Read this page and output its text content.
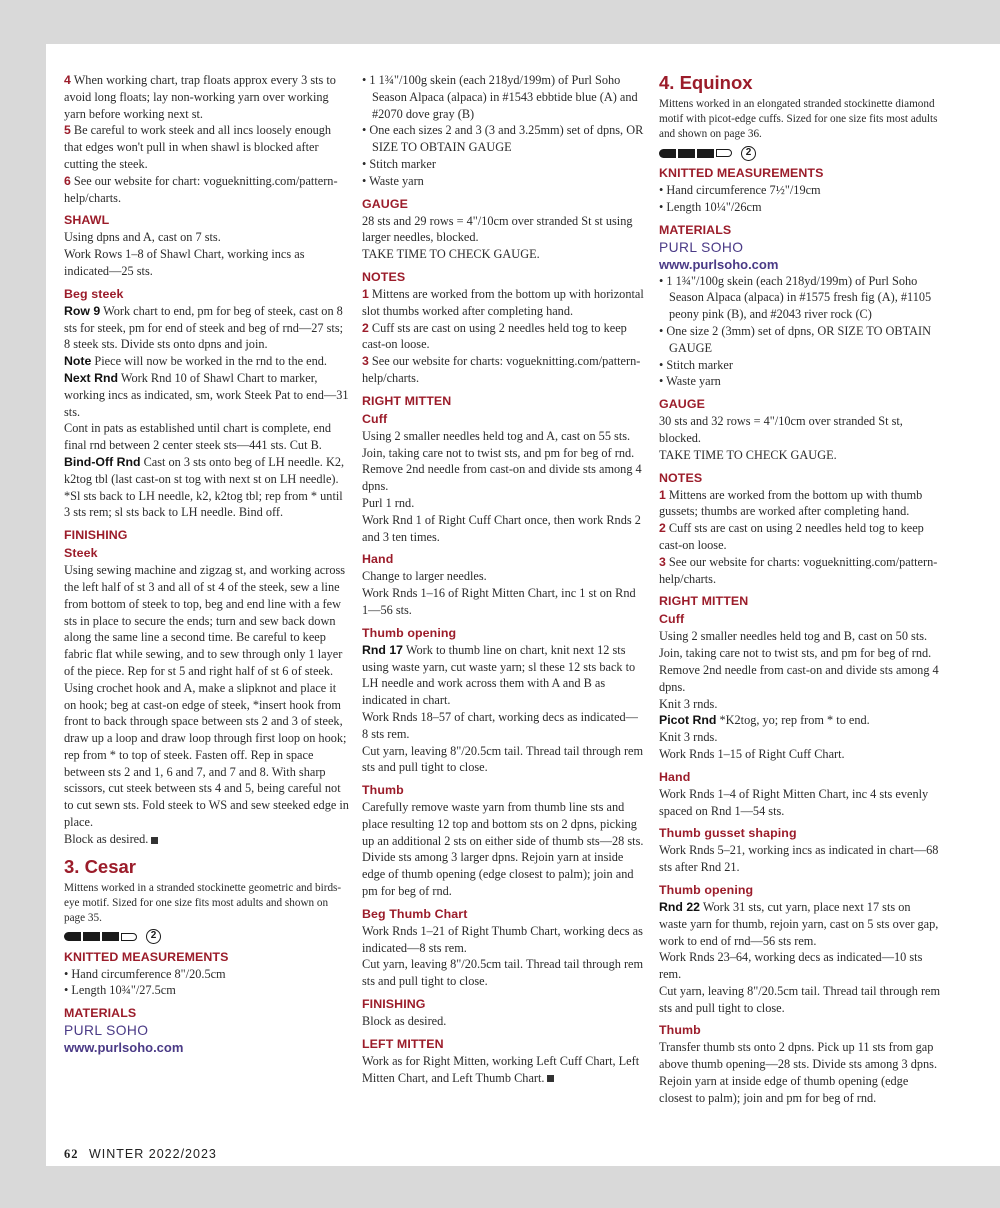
4 When working chart, trap floats approx every 3 sts to avoid long floats; lay non-working yarn over working yarn before working next st.

5 Be careful to work steek and all incs loosely enough that edges won't pull in when shawl is blocked after cutting the steek.

6 See our website for chart: vogueknitting.com/pattern-help/charts.

SHAWL

Using dpns and A, cast on 7 sts.

Work Rows 1–8 of Shawl Chart, working incs as indicated—25 sts.

Beg steek

Row 9 Work chart to end, pm for beg of steek, cast on 8 sts for steek, pm for end of steek and beg of rnd—27 sts; 8 steek sts. Divide sts onto dpns and join.

Note Piece will now be worked in the rnd to the end.

Next Rnd Work Rnd 10 of Shawl Chart to marker, working incs as indicated, sm, work Steek Pat to end—31 sts.

Cont in pats as established until chart is complete, end final rnd between 2 center steek sts—441 sts. Cut B.

Bind-Off Rnd Cast on 3 sts onto beg of LH needle. K2, k2tog tbl (last cast-on st tog with next st on LH needle). *Sl sts back to LH needle, k2, k2tog tbl; rep from * until 3 sts rem; sl sts back to LH needle. Bind off.

FINISHING
Steek

Using sewing machine and zigzag st, and working across the left half of st 3 and all of st 4 of the steek, sew a line from bottom of steek to top, beg and end line with a few sts in place to secure the ends; turn and sew back down along the same line a second time. Be careful to keep fabric flat while sewing, and to sew through only 1 layer of the piece. Rep for st 5 and right half of st 6 of steek. Using crochet hook and A, make a slipknot and place it on hook; beg at cast-on edge of steek, *insert hook from front to back through space between sts 2 and 3 of steek, draw up a loop and draw loop through first loop on hook; rep from * to top of steek. Fasten off. Rep in space between sts 2 and 1, 6 and 7, and 7 and 8. With sharp scissors, cut steek between sts 4 and 5, being careful not to cut sewn sts. Fold steek to WS and sew steeked edge in place.

Block as desired.

3. Cesar

Mittens worked in a stranded stockinette geometric and birds-eye motif. Sized for one size fits most adults and shown on page 35.

2
KNITTED MEASUREMENTS
• Hand circumference 8"/20.5cm
• Length 10¾"/27.5cm
MATERIALS
PURL SOHO
www.purlsoho.com
• 1 1¾"/100g skein (each 218yd/199m) of Purl Soho Season Alpaca (alpaca) in #1543 ebbtide blue (A) and #2070 dove gray (B)
• One each sizes 2 and 3 (3 and 3.25mm) set of dpns, OR SIZE TO OBTAIN GAUGE
• Stitch marker
• Waste yarn
GAUGE

28 sts and 29 rows = 4"/10cm over stranded St st using larger needles, blocked.

TAKE TIME TO CHECK GAUGE.

NOTES

1 Mittens are worked from the bottom up with horizontal slot thumbs worked after completing hand.

2 Cuff sts are cast on using 2 needles held tog to keep cast-on loose.

3 See our website for charts: vogueknitting.com/pattern-help/charts.

RIGHT MITTEN
Cuff

Using 2 smaller needles held tog and A, cast on 55 sts. Join, taking care not to twist sts, and pm for beg of rnd. Remove 2nd needle from cast-on and divide sts among 4 dpns.

Purl 1 rnd.

Work Rnd 1 of Right Cuff Chart once, then work Rnds 2 and 3 ten times.

Hand

Change to larger needles.

Work Rnds 1–16 of Right Mitten Chart, inc 1 st on Rnd 1—56 sts.

Thumb opening

Rnd 17 Work to thumb line on chart, knit next 12 sts using waste yarn, cut waste yarn; sl these 12 sts back to LH needle and work across them with A and B as indicated in chart.

Work Rnds 18–57 of chart, working decs as indicated—8 sts rem.

Cut yarn, leaving 8"/20.5cm tail. Thread tail through rem sts and pull tight to close.

Thumb

Carefully remove waste yarn from thumb line sts and place resulting 12 top and bottom sts on 2 dpns, picking up an additional 2 sts on either side of thumb sts—28 sts. Divide sts among 3 larger dpns. Rejoin yarn at inside edge of thumb opening (edge closest to palm); join and pm for beg of rnd.

Beg Thumb Chart

Work Rnds 1–21 of Right Thumb Chart, working decs as indicated—8 sts rem.

Cut yarn, leaving 8"/20.5cm tail. Thread tail through rem sts and pull tight to close.

FINISHING

Block as desired.

LEFT MITTEN

Work as for Right Mitten, working Left Cuff Chart, Left Mitten Chart, and Left Thumb Chart.

4. Equinox

Mittens worked in an elongated stranded stockinette diamond motif with picot-edge cuffs. Sized for one size fits most adults and shown on page 36.

2
KNITTED MEASUREMENTS
• Hand circumference 7½"/19cm
• Length 10¼"/26cm
MATERIALS
PURL SOHO
www.purlsoho.com
• 1 1¾"/100g skein (each 218yd/199m) of Purl Soho Season Alpaca (alpaca) in #1575 fresh fig (A), #1105 peony pink (B), and #2043 river rock (C)
• One size 2 (3mm) set of dpns, OR SIZE TO OBTAIN GAUGE
• Stitch marker
• Waste yarn
GAUGE

30 sts and 32 rows = 4"/10cm over stranded St st, blocked.

TAKE TIME TO CHECK GAUGE.

NOTES

1 Mittens are worked from the bottom up with thumb gussets; thumbs are worked after completing hand.

2 Cuff sts are cast on using 2 needles held tog to keep cast-on loose.

3 See our website for charts: vogueknitting.com/pattern-help/charts.

RIGHT MITTEN
Cuff

Using 2 smaller needles held tog and B, cast on 50 sts. Join, taking care not to twist sts, and pm for beg of rnd. Remove 2nd needle from cast-on and divide sts among 4 dpns.

Knit 3 rnds.

Picot Rnd *K2tog, yo; rep from * to end.

Knit 3 rnds.

Work Rnds 1–15 of Right Cuff Chart.

Hand

Work Rnds 1–4 of Right Mitten Chart, inc 4 sts evenly spaced on Rnd 1—54 sts.

Thumb gusset shaping

Work Rnds 5–21, working incs as indicated in chart—68 sts after Rnd 21.

Thumb opening

Rnd 22 Work 31 sts, cut yarn, place next 17 sts on waste yarn for thumb, rejoin yarn, cast on 5 sts over gap, work to end of rnd—56 sts rem.

Work Rnds 23–64, working decs as indicated—10 sts rem.

Cut yarn, leaving 8"/20.5cm tail. Thread tail through rem sts and pull tight to close.

Thumb

Transfer thumb sts onto 2 dpns. Pick up 11 sts from gap above thumb opening—28 sts. Divide sts among 3 dpns. Rejoin yarn at inside edge of thumb opening (edge closest to palm); join and pm for beg of rnd.

62 WINTER 2022/2023
